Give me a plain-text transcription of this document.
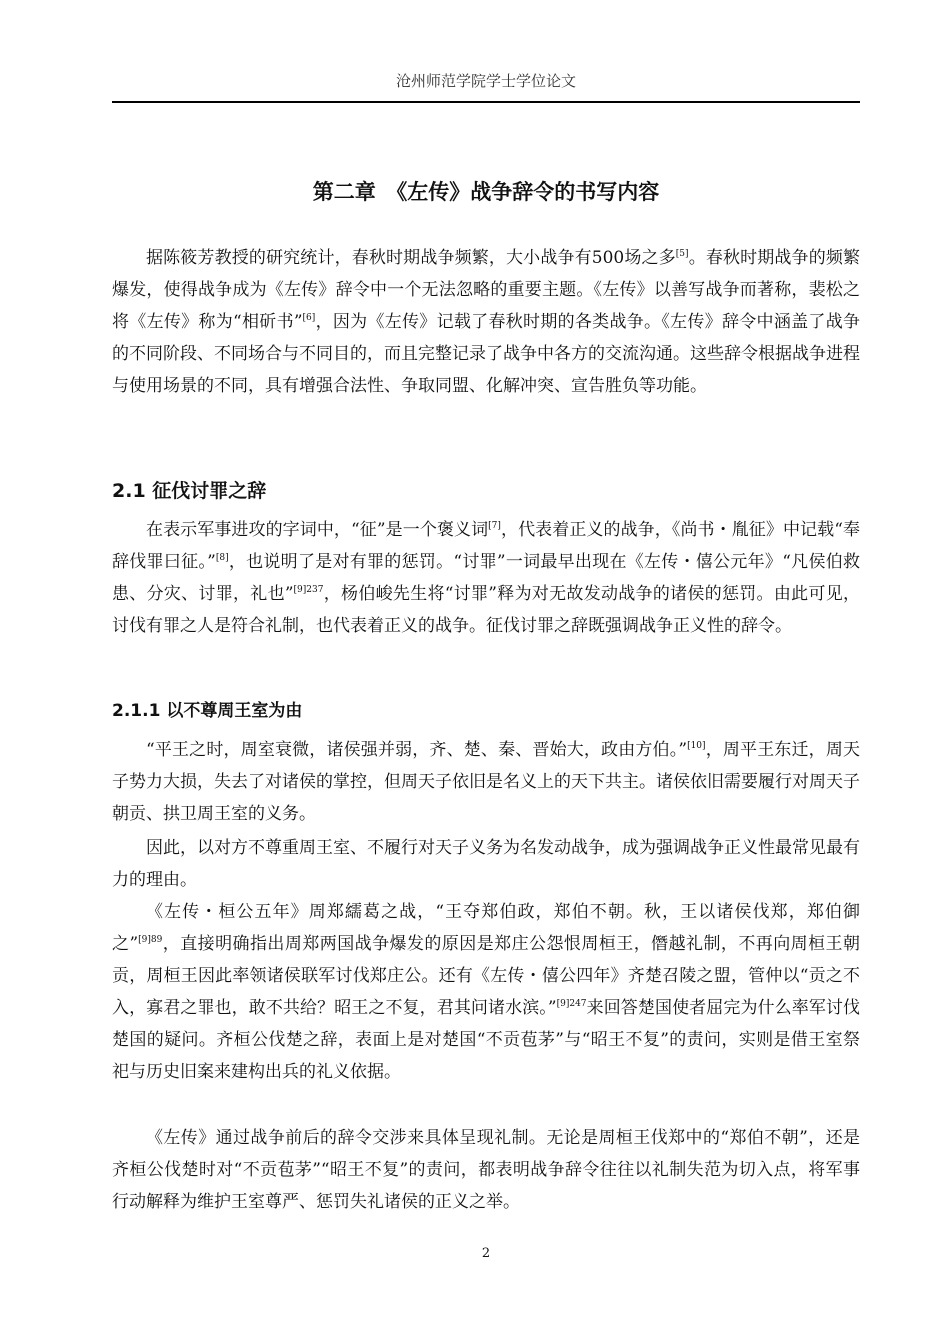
沧州师范学院学士学位论文
第二章　《左传》战争辞令的书写内容

据陈筱芳教授的研究统计，春秋时期战争频繁，大小战争有500场之多[5]。春秋时期战争的频繁爆发，使得战争成为《左传》辞令中一个无法忽略的重要主题。《左传》以善写战争而著称，裴松之将《左传》称为“相斫书”[6]，因为《左传》记载了春秋时期的各类战争。《左传》辞令中涵盖了战争的不同阶段、不同场合与不同目的，而且完整记录了战争中各方的交流沟通。这些辞令根据战争进程与使用场景的不同，具有增强合法性、争取同盟、化解冲突、宣告胜负等功能。

2.1 征伐讨罪之辞

在表示军事进攻的字词中，“征”是一个褒义词[7]，代表着正义的战争，《尚书・胤征》中记载“奉辞伐罪曰征。”[8]，也说明了是对有罪的惩罚。“讨罪”一词最早出现在《左传・僖公元年》“凡侯伯救患、分灾、讨罪，礼也”$^{[9]237}$，杨伯峻先生将“讨罪”释为对无故发动战争的诸侯的惩罚。由此可见，讨伐有罪之人是符合礼制，也代表着正义的战争。征伐讨罪之辞既强调战争正义性的辞令。

2.1.1 以不尊周王室为由

“平王之时，周室衰微，诸侯强并弱，齐、楚、秦、晋始大，政由方伯。”[10]，周平王东迁，周天子势力大损，失去了对诸侯的掌控，但周天子依旧是名义上的天下共主。诸侯依旧需要履行对周天子朝贡、拱卫周王室的义务。

因此，以对方不尊重周王室、不履行对天子义务为名发动战争，成为强调战争正义性最常见最有力的理由。

《左传・桓公五年》周郑繻葛之战，“王夺郑伯政，郑伯不朝。秋，王以诸侯伐郑，郑伯御之”$^{[9]89}$，直接明确指出周郑两国战争爆发的原因是郑庄公怨恨周桓王，僭越礼制，不再向周桓王朝贡，周桓王因此率领诸侯联军讨伐郑庄公。还有《左传・僖公四年》齐楚召陵之盟，管仲以“贡之不入，寡君之罪也，敢不共给？昭王之不复，君其问诸水滨。”$^{[9]247}$来回答楚国使者屈完为什么率军讨伐楚国的疑问。齐桓公伐楚之辞，表面上是对楚国“不贡苞茅”与“昭王不复”的责问，实则是借王室祭祀与历史旧案来建构出兵的礼义依据。

《左传》通过战争前后的辞令交涉来具体呈现礼制。无论是周桓王伐郑中的“郑伯不朝”，还是齐桓公伐楚时对“不贡苞茅”“昭王不复”的责问，都表明战争辞令往往以礼制失范为切入点，将军事行动解释为维护王室尊严、惩罚失礼诸侯的正义之举。

2
